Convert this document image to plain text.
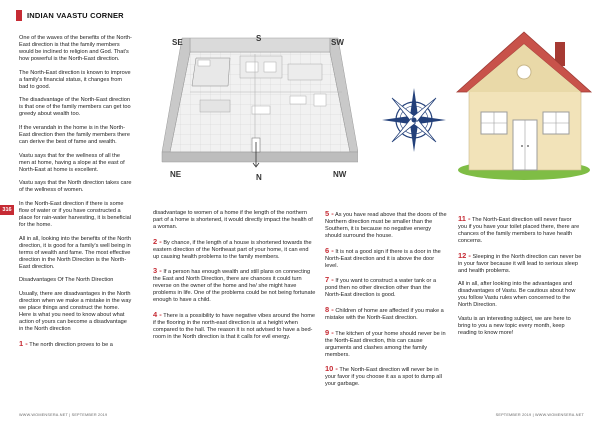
INDIAN VAASTU CORNER
316

One of the waves of the benefits of the North-East direction is that the family members would be inclined to religion and God. That's how powerful is the North-East direction.

The North-East direction is known to improve a family's financial status, it changes from bad to good.

The disadvantage of the North-East direction is that one of the family members can get too greedy about wealth too.

If the verandah in the home is in the North-East direction then the family members there can derive the best of fame and wealth.

Vastu says that for the wellness of all the men at home, having a slope at the east of North-East at home is excellent.

Vastu says that the North direction takes care of the wellness of women.

In the North-East direction if there is some flow of water or if you have constructed a place for rain-water harvesting, it is beneficial for the home.

All in all, looking into the benefits of the North direction, it is good for a family's well being in terms of wealth and fame. The most effective direction in the North Direction is the North-East direction.

Disadvantages Of The North Direction

Usually, there are disadvantages in the North direction when we make a mistake in the way we place things and construct the home. Here is what you need to know about what action of yours can become a disadvantage in the North direction

1 - The north direction proves to be a

SE	S	SW
NE	N	NW

disadvantage to women of a home if the length of the northern part of a home is shortened, it would directly impact the health of a woman.

2 - By chance, if the length of a house is shortened towards the eastern direction of the Northeast part of your home, it can end up causing health problems to the family members.

3 - If a person has enough wealth and still plans on connecting the East and North Direction, there are chances it could turn reverse on the owner of the home and he/ she might have problems in life. One of the problems could be not being fortunate enough to have a child.

4 - There is a possibility to have negative vibes around the home if the flooring in the north-east direction is at a height when compared to the hall. The reason it is not advised to have a bed-room in the North direction is that it calls for evil energy.

5 - As you have read above that the doors of the Northern direction must be smaller than the Southern, it is because no negative energy should surround the house.

6 - It is not a good sign if there is a door in the North-East direction and it is above the door level.

7 - If you want to construct a water tank or a pond then no other direction other than the North-East direction is good.

8 - Children of home are affected if you make a mistake with the North-East direction.

9 - The kitchen of your home should never be in the North-East direction, this can cause arguments and clashes among the family members.

10 - The North-East direction will never be in your favor if you choose it as a spot to dump all your garbage.

11 - The North-East direction will never favor you if you have your toilet placed there, there are chances of the family members to have health concerns.

12 - Sleeping in the North direction can never be in your favor because it will lead to serious sleep and health problems.

All in all, after looking into the advantages and disadvantages of Vastu. Be cautious about how you follow Vastu rules when concerned to the North Direction.

Vastu is an interesting subject, we are here to bring to you a new topic every month, keep reading to know more!

WWW.WOMENSERA.NET | SEPTEMBER 2019	SEPTEMBER 2019 | WWW.WOMENSERA.NET
